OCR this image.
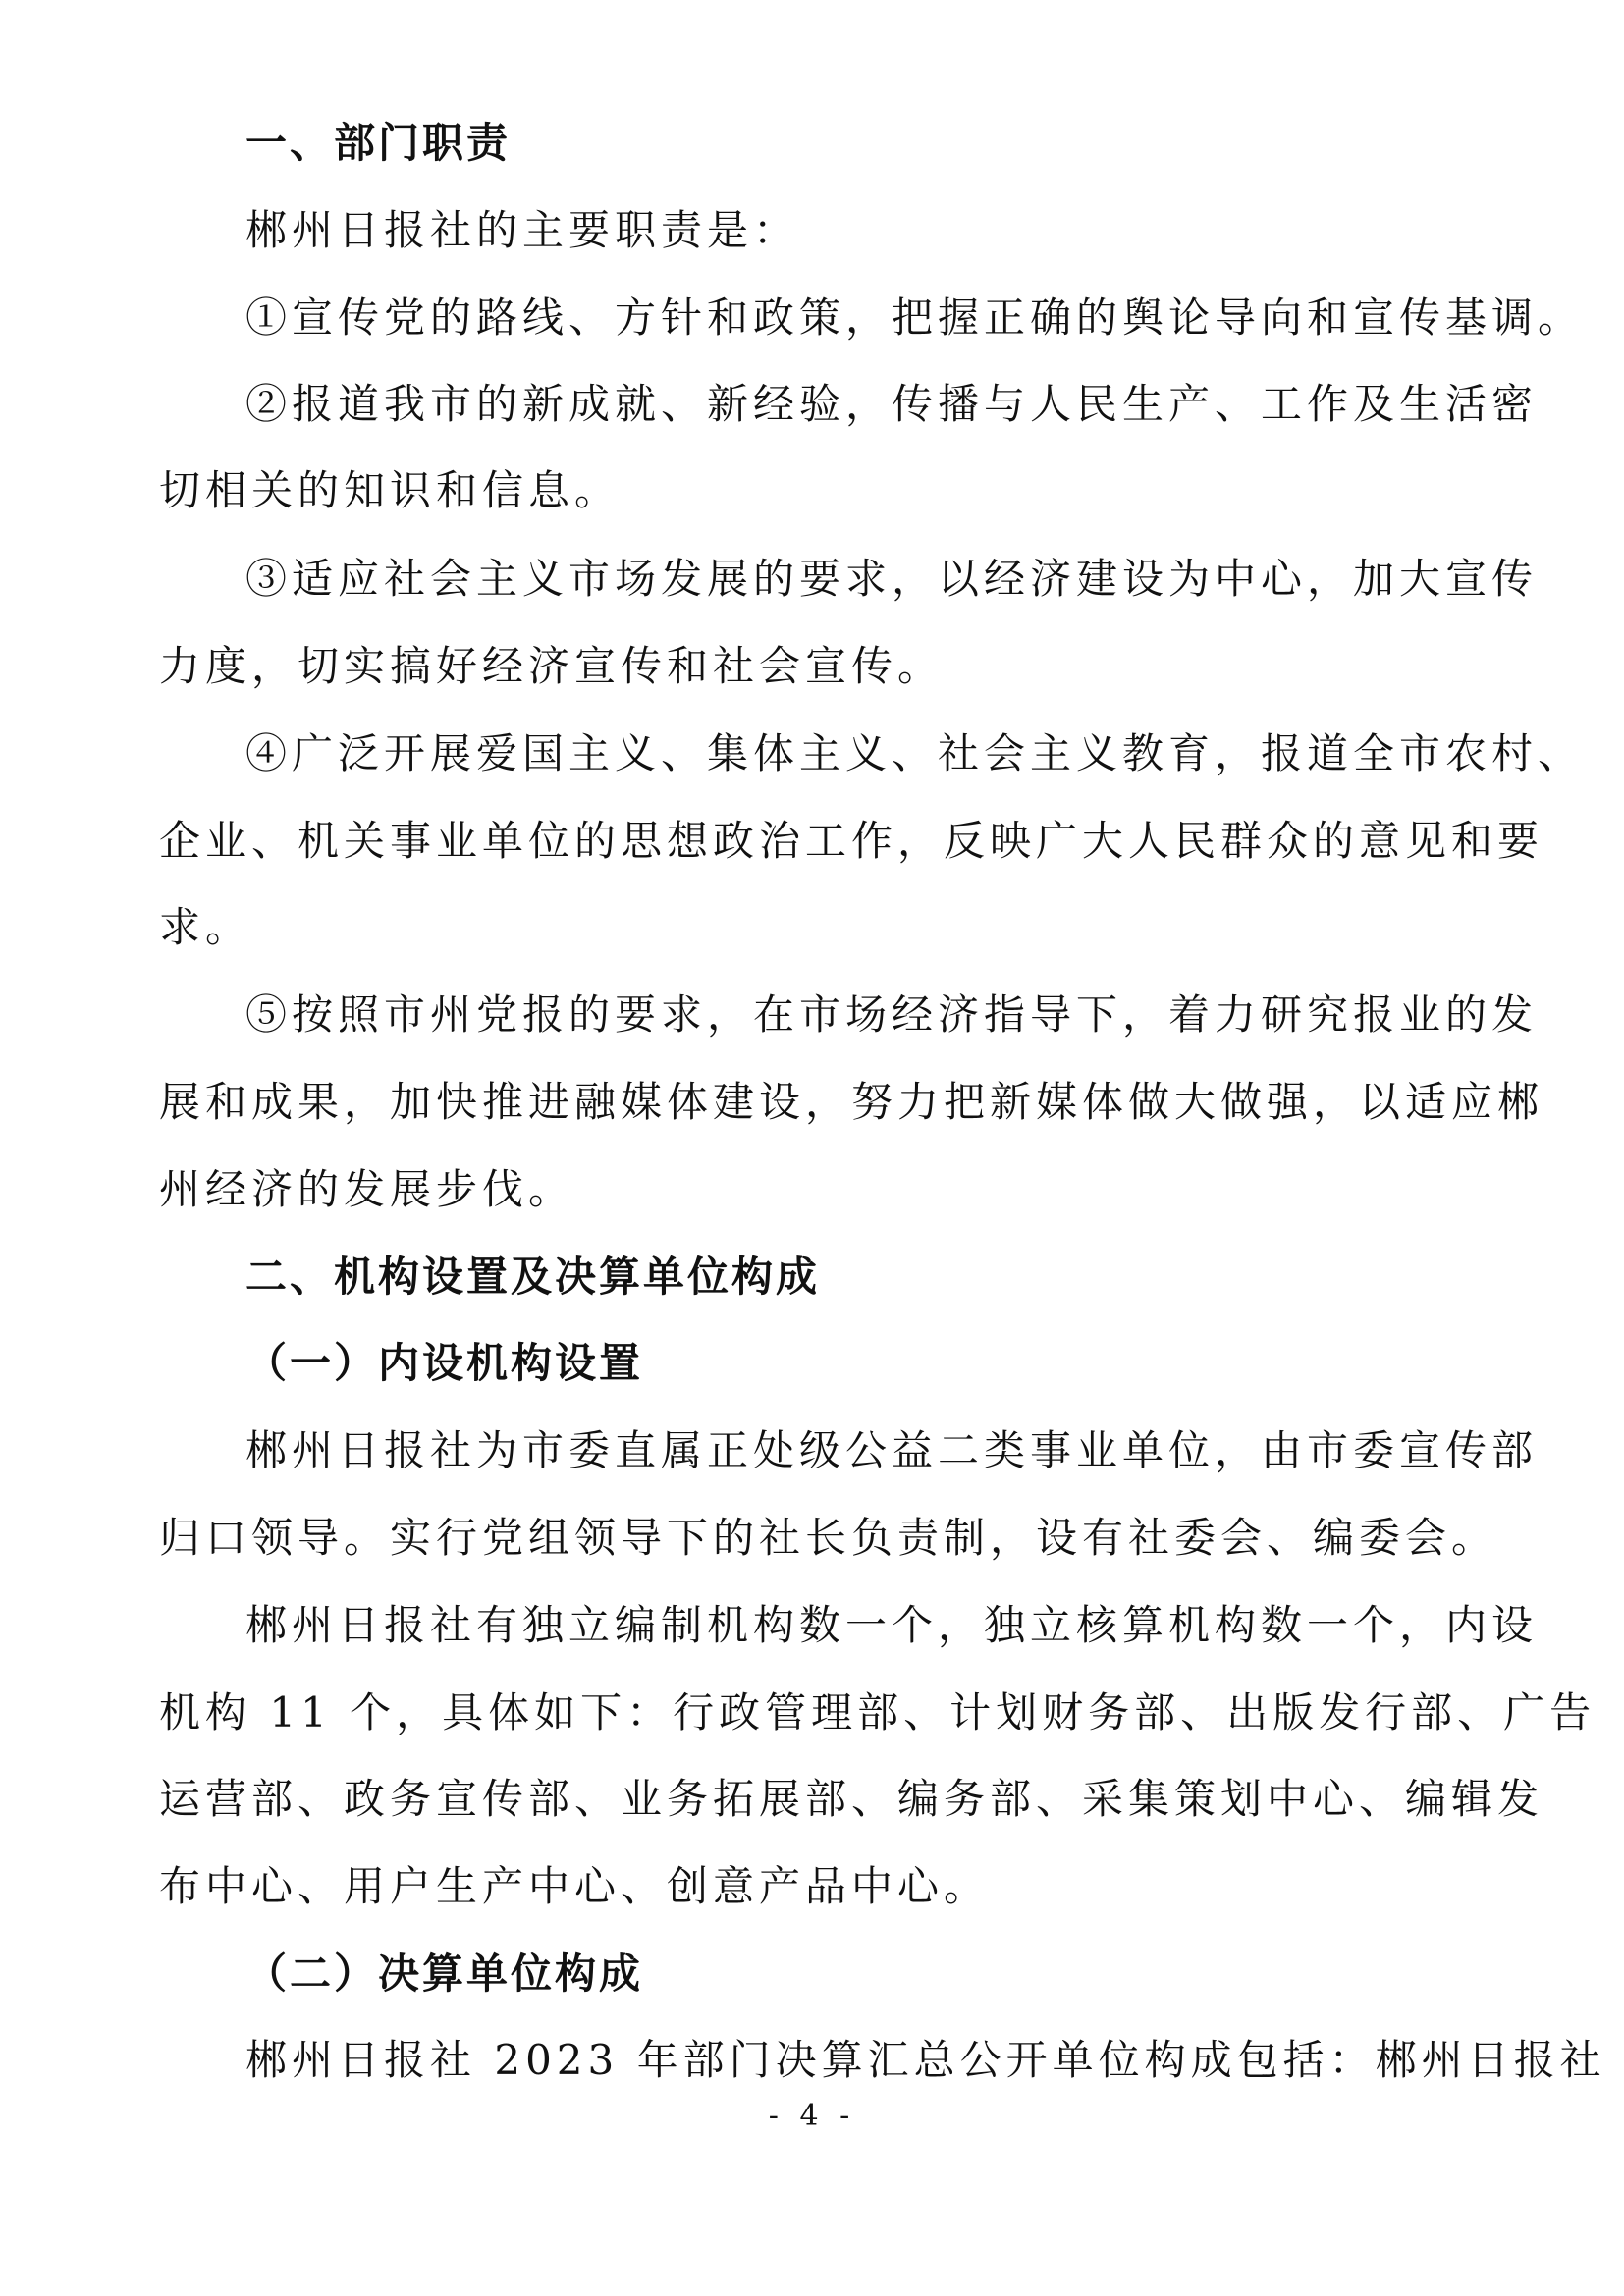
一、部门职责
郴州日报社的主要职责是：
①宣传党的路线、方针和政策，把握正确的舆论导向和宣传基调。
②报道我市的新成就、新经验，传播与人民生产、工作及生活密
切相关的知识和信息。
③适应社会主义市场发展的要求，以经济建设为中心，加大宣传
力度，切实搞好经济宣传和社会宣传。
④广泛开展爱国主义、集体主义、社会主义教育，报道全市农村、
企业、机关事业单位的思想政治工作，反映广大人民群众的意见和要
求。
⑤按照市州党报的要求，在市场经济指导下，着力研究报业的发
展和成果，加快推进融媒体建设，努力把新媒体做大做强，以适应郴
州经济的发展步伐。
二、机构设置及决算单位构成
（一）内设机构设置
郴州日报社为市委直属正处级公益二类事业单位，由市委宣传部
归口领导。实行党组领导下的社长负责制，设有社委会、编委会。
郴州日报社有独立编制机构数一个，独立核算机构数一个，内设
机构 11 个，具体如下：行政管理部、计划财务部、出版发行部、广告
运营部、政务宣传部、业务拓展部、编务部、采集策划中心、编辑发
布中心、用户生产中心、创意产品中心。
（二）决算单位构成
郴州日报社 2023 年部门决算汇总公开单位构成包括：郴州日报社
- 4 -
